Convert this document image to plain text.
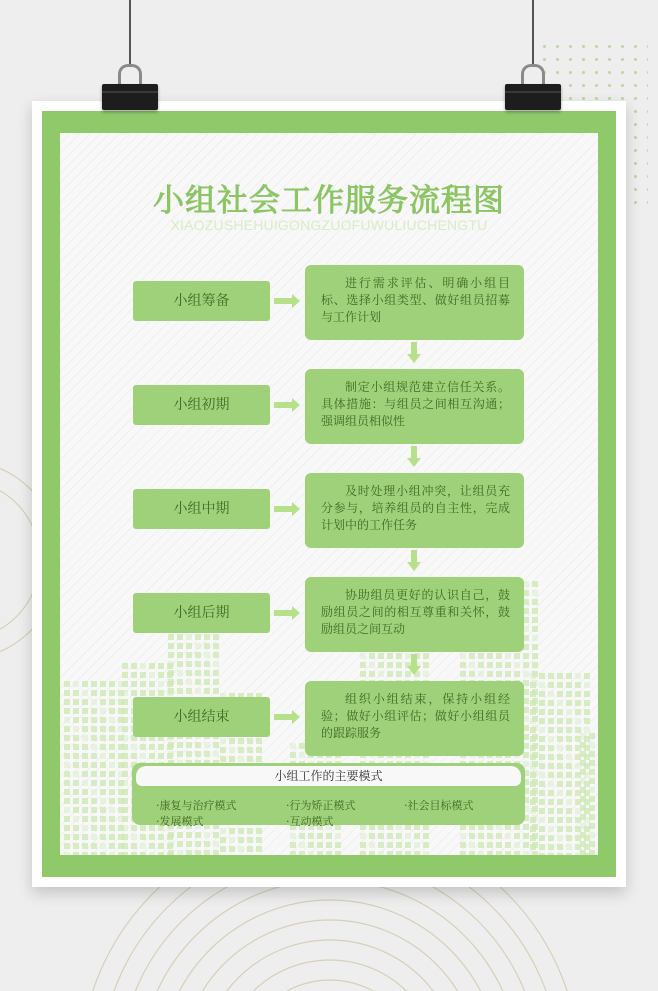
小组社会工作服务流程图
XIAOZUSHEHUIGONGZUOFUWULIUCHENGTU
小组筹备
小组初期
小组中期
小组后期
小组结束
进行需求评估、明确小组目标、选择小组类型、做好组员招募与工作计划
制定小组规范建立信任关系。具体措施：与组员之间相互沟通；强调组员相似性
及时处理小组冲突，让组员充分参与，培养组员的自主性，完成计划中的工作任务
协助组员更好的认识自己，鼓励组员之间的相互尊重和关怀，鼓励组员之间互动
组织小组结束，保持小组经验；做好小组评估；做好小组组员的跟踪服务
小组工作的主要模式
·康复与治疗模式	·行为矫正模式	·社会目标模式
·发展模式	·互动模式
